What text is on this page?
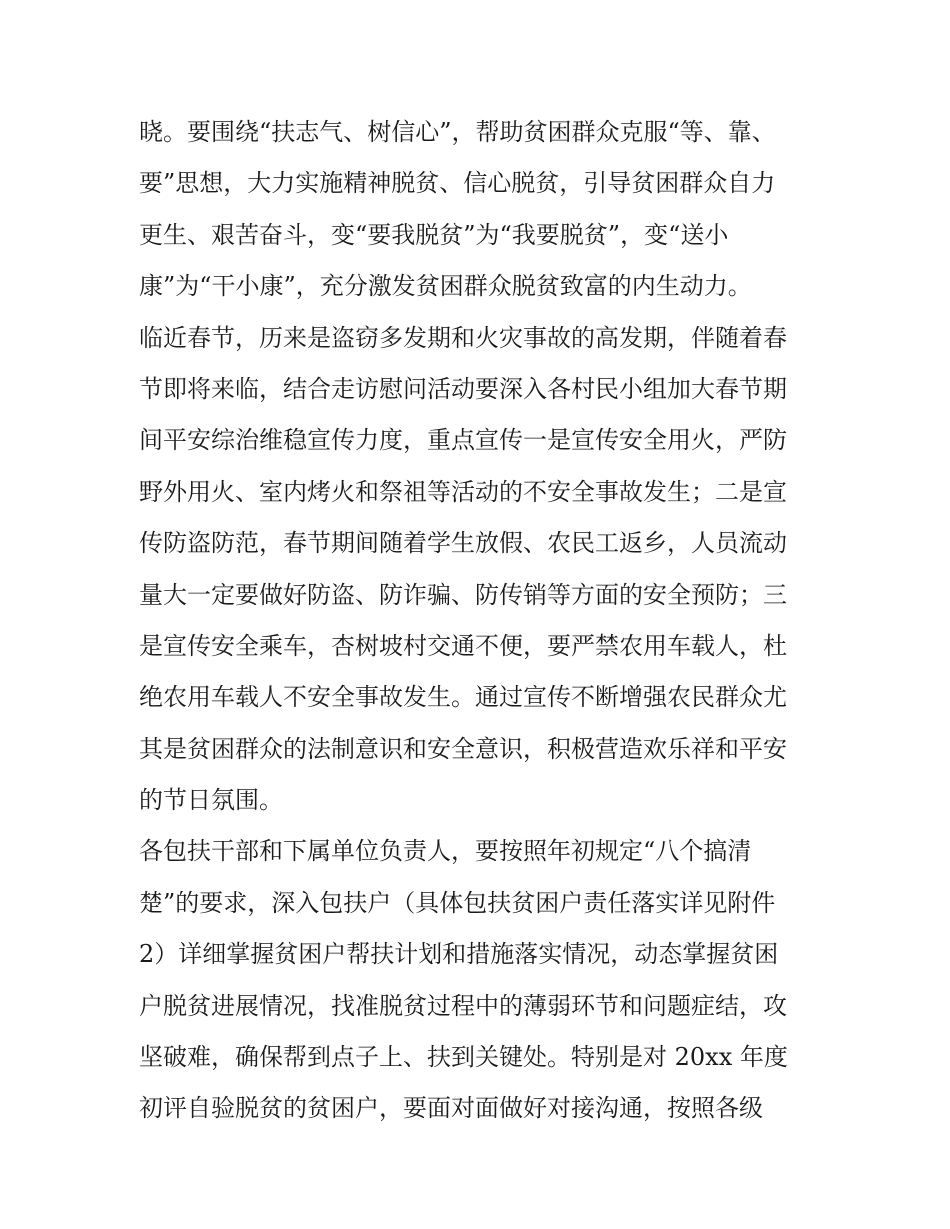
晓。要围绕“扶志气、树信心”，帮助贫困群众克服“等、靠、
要”思想，大力实施精神脱贫、信心脱贫，引导贫困群众自力
更生、艰苦奋斗，变“要我脱贫”为“我要脱贫”，变“送小
康”为“干小康”，充分激发贫困群众脱贫致富的内生动力。
临近春节，历来是盗窃多发期和火灾事故的高发期，伴随着春
节即将来临，结合走访慰问活动要深入各村民小组加大春节期
间平安综治维稳宣传力度，重点宣传一是宣传安全用火，严防
野外用火、室内烤火和祭祖等活动的不安全事故发生；二是宣
传防盗防范，春节期间随着学生放假、农民工返乡，人员流动
量大一定要做好防盗、防诈骗、防传销等方面的安全预防；三
是宣传安全乘车，杏树坡村交通不便，要严禁农用车载人，杜
绝农用车载人不安全事故发生。通过宣传不断增强农民群众尤
其是贫困群众的法制意识和安全意识，积极营造欢乐祥和平安
的节日氛围。
各包扶干部和下属单位负责人，要按照年初规定“八个搞清
楚”的要求，深入包扶户（具体包扶贫困户责任落实详见附件
2）详细掌握贫困户帮扶计划和措施落实情况，动态掌握贫困
户脱贫进展情况，找准脱贫过程中的薄弱环节和问题症结，攻
坚破难，确保帮到点子上、扶到关键处。特别是对 20xx 年度
初评自验脱贫的贫困户，要面对面做好对接沟通，按照各级
